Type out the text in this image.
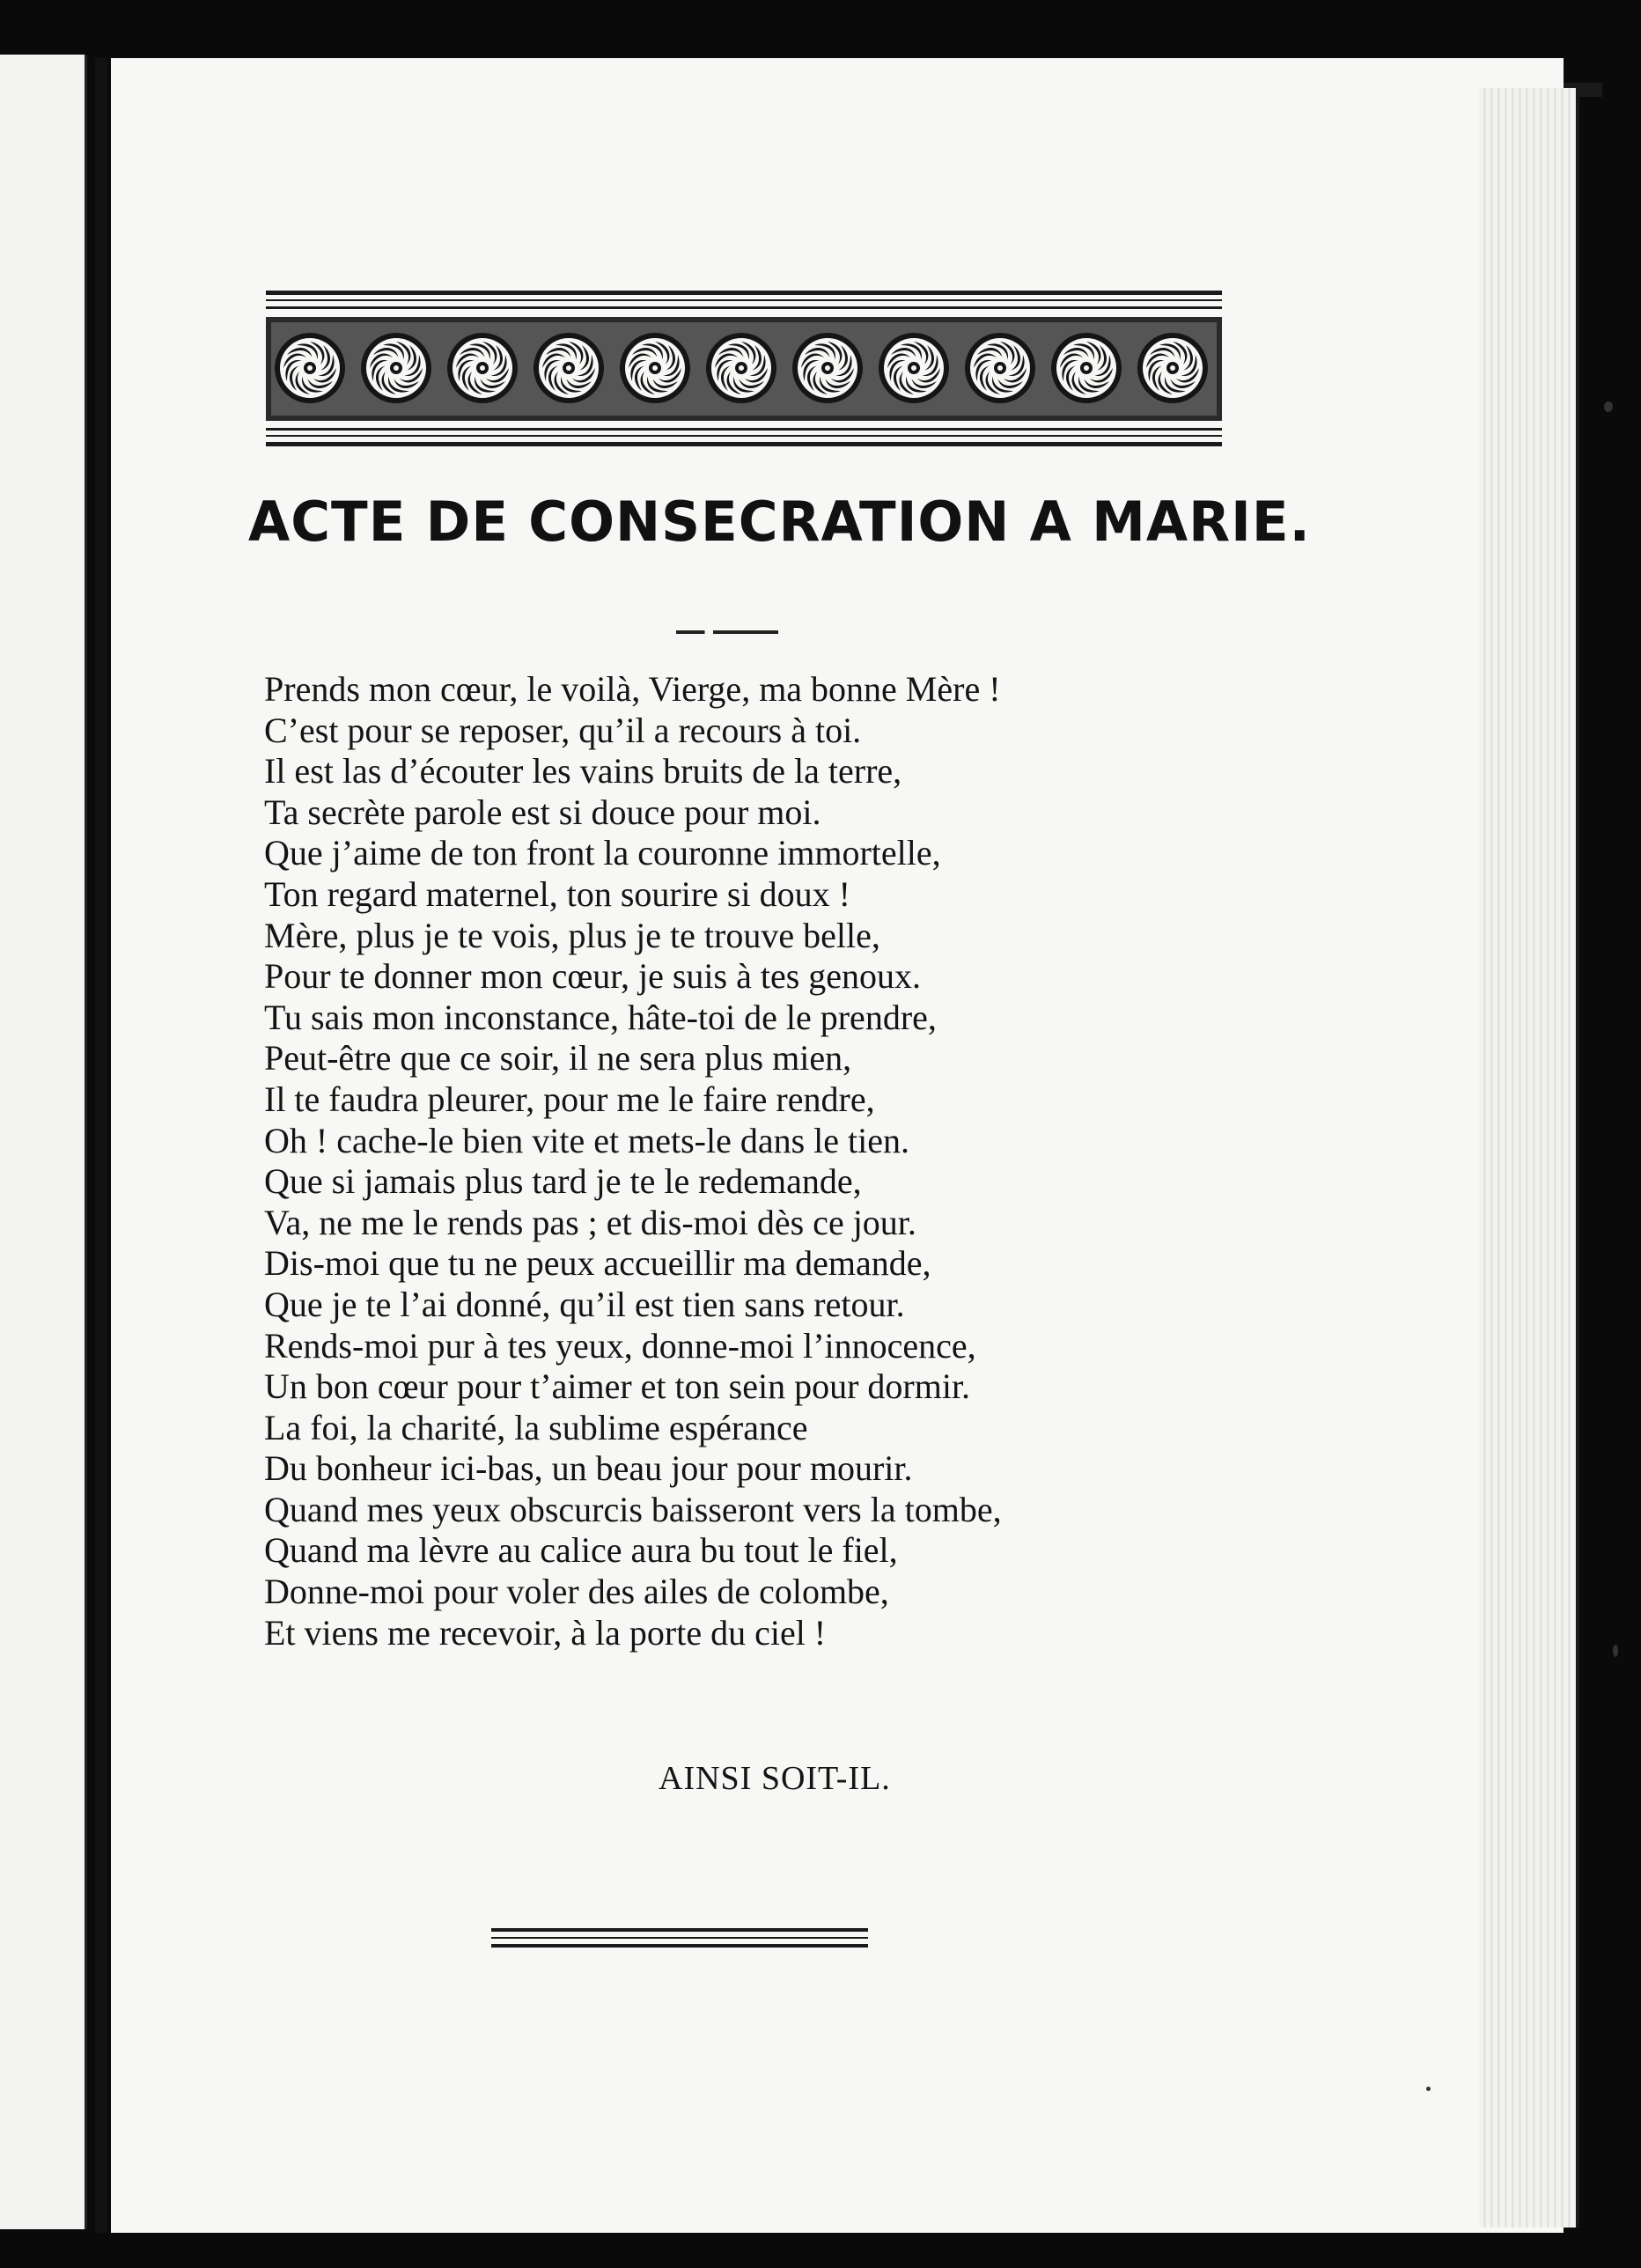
ACTE DE CONSECRATION A MARIE.
Prends mon cœur, le voilà, Vierge, ma bonne Mère !
C’est pour se reposer, qu’il a recours à toi.
Il est las d’écouter les vains bruits de la terre,
Ta secrète parole est si douce pour moi.
Que j’aime de ton front la couronne immortelle,
Ton regard maternel, ton sourire si doux !
Mère, plus je te vois, plus je te trouve belle,
Pour te donner mon cœur, je suis à tes genoux.
Tu sais mon inconstance, hâte-toi de le prendre,
Peut-être que ce soir, il ne sera plus mien,
Il te faudra pleurer, pour me le faire rendre,
Oh ! cache-le bien vite et mets-le dans le tien.
Que si jamais plus tard je te le redemande,
Va, ne me le rends pas ; et dis-moi dès ce jour.
Dis-moi que tu ne peux accueillir ma demande,
Que je te l’ai donné, qu’il est tien sans retour.
Rends-moi pur à tes yeux, donne-moi l’innocence,
Un bon cœur pour t’aimer et ton sein pour dormir.
La foi, la charité, la sublime espérance
Du bonheur ici-bas, un beau jour pour mourir.
Quand mes yeux obscurcis baisseront vers la tombe,
Quand ma lèvre au calice aura bu tout le fiel,
Donne-moi pour voler des ailes de colombe,
Et viens me recevoir, à la porte du ciel !
AINSI SOIT-IL.
